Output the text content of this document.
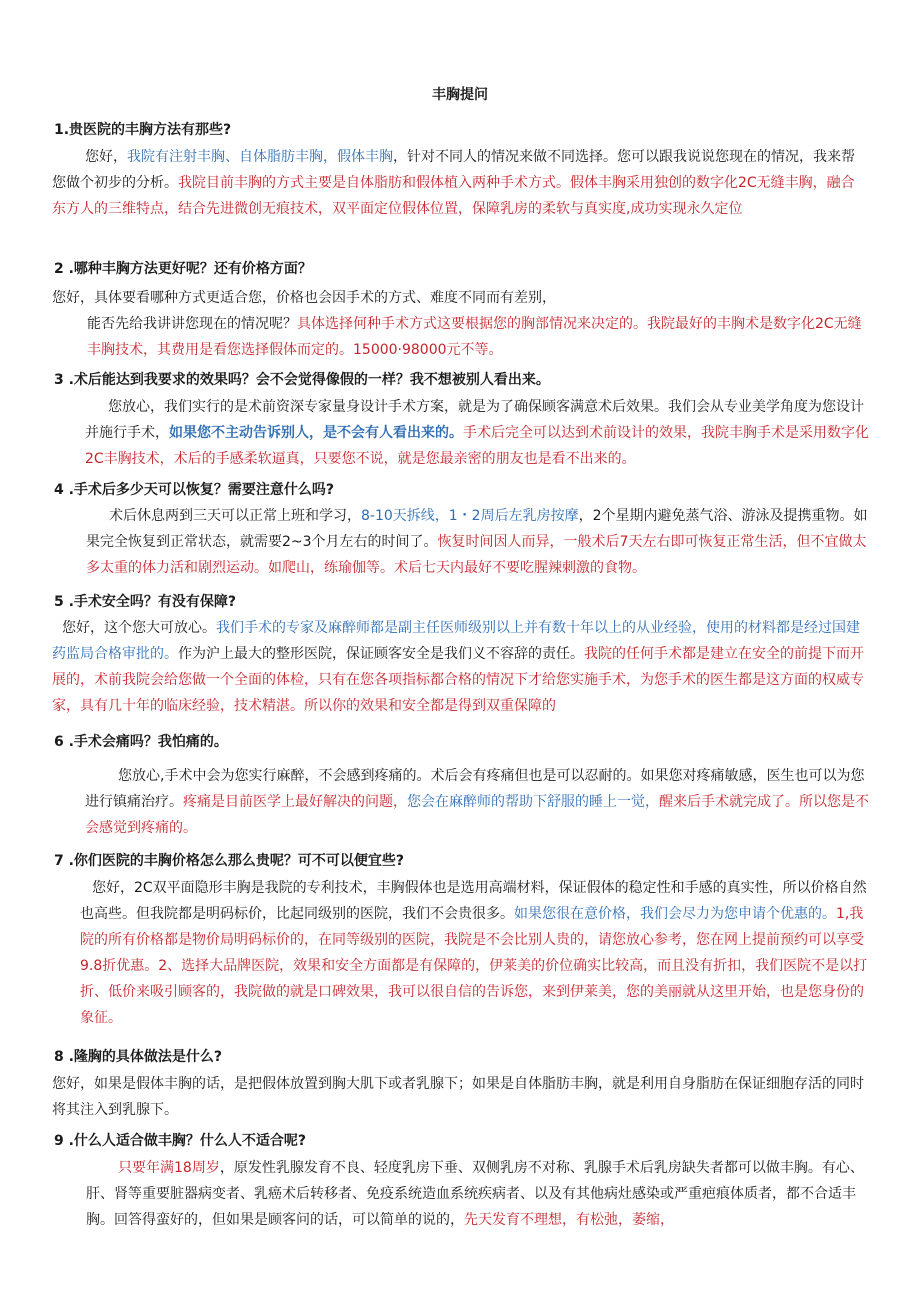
丰胸提问
1.贵医院的丰胸方法有那些?
您好，我院有注射丰胸、自体脂肪丰胸，假体丰胸，针对不同人的情况来做不同选择。您可以跟我说说您现在的情况，我来帮您做个初步的分析。我院目前丰胸的方式主要是自体脂肪和假体植入两种手术方式。假体丰胸采用独创的数字化2C无缝丰胸，融合东方人的三维特点，结合先进微创无痕技术，双平面定位假体位置，保障乳房的柔软与真实度,成功实现永久定位
2 .哪种丰胸方法更好呢？还有价格方面？
您好，具体要看哪种方式更适合您，价格也会因手术的方式、难度不同而有差别，
能否先给我讲讲您现在的情况呢？具体选择何种手术方式这要根据您的胸部情况来决定的。我院最好的丰胸术是数字化2C无缝丰胸技术，其费用是看您选择假体而定的。15000·98000元不等。
3 .术后能达到我要求的效果吗？会不会觉得像假的一样？我不想被别人看出来。
您放心，我们实行的是术前资深专家量身设计手术方案，就是为了确保顾客满意术后效果。我们会从专业美学角度为您设计并施行手术，如果您不主动告诉别人，是不会有人看出来的。手术后完全可以达到术前设计的效果，我院丰胸手术是采用数字化2C丰胸技术，术后的手感柔软逼真，只要您不说，就是您最亲密的朋友也是看不出来的。
4 .手术后多少天可以恢复？需要注意什么吗?
术后休息两到三天可以正常上班和学习，8-10天拆线，1・2周后左乳房按摩，2个星期内避免蒸气浴、游泳及提携重物。如果完全恢复到正常状态，就需要2~3个月左右的时间了。恢复时间因人而异，一般术后7天左右即可恢复正常生活，但不宜做太多太重的体力活和剧烈运动。如爬山，练瑜伽等。术后七天内最好不要吃腥辣刺激的食物。
5 .手术安全吗？有没有保障?
您好，这个您大可放心。我们手术的专家及麻醉师都是副主任医师级别以上并有数十年以上的从业经验，使用的材料都是经过国建药监局合格审批的。作为沪上最大的整形医院，保证顾客安全是我们义不容辞的责任。我院的任何手术都是建立在安全的前提下而开展的，术前我院会给您做一个全面的体检，只有在您各项指标都合格的情况下才给您实施手术，为您手术的医生都是这方面的权威专家，具有几十年的临床经验，技术精湛。所以你的效果和安全都是得到双重保障的
6 .手术会痛吗？我怕痛的。
您放心,手术中会为您实行麻醉，不会感到疼痛的。术后会有疼痛但也是可以忍耐的。如果您对疼痛敏感，医生也可以为您进行镇痛治疗。疼痛是目前医学上最好解决的问题，您会在麻醉师的帮助下舒服的睡上一觉，醒来后手术就完成了。所以您是不会感觉到疼痛的。
7 .你们医院的丰胸价格怎么那么贵呢？可不可以便宜些?
您好，2C双平面隐形丰胸是我院的专利技术，丰胸假体也是选用高端材料，保证假体的稳定性和手感的真实性，所以价格自然也高些。但我院都是明码标价，比起同级别的医院，我们不会贵很多。如果您很在意价格，我们会尽力为您申请个优惠的。1,我院的所有价格都是物价局明码标价的，在同等级别的医院，我院是不会比别人贵的，请您放心参考，您在网上提前预约可以享受9.8折优惠。2、选择大品牌医院，效果和安全方面都是有保障的，伊莱美的价位确实比较高，而且没有折扣，我们医院不是以打折、低价来吸引顾客的，我院做的就是口碑效果，我可以很自信的告诉您，来到伊莱美，您的美丽就从这里开始，也是您身份的象征。
8 .隆胸的具体做法是什么?
您好，如果是假体丰胸的话，是把假体放置到胸大肌下或者乳腺下；如果是自体脂肪丰胸，就是利用自身脂肪在保证细胞存活的同时将其注入到乳腺下。
9 .什么人适合做丰胸？什么人不适合呢?
只要年满18周岁，原发性乳腺发育不良、轻度乳房下垂、双侧乳房不对称、乳腺手术后乳房缺失者都可以做丰胸。有心、肝、肾等重要脏器病变者、乳癌术后转移者、免疫系统造血系统疾病者、以及有其他病灶感染或严重疤痕体质者，都不合适丰胸。回答得蛮好的，但如果是顾客问的话，可以简单的说的，先天发育不理想，有松弛，萎缩，
